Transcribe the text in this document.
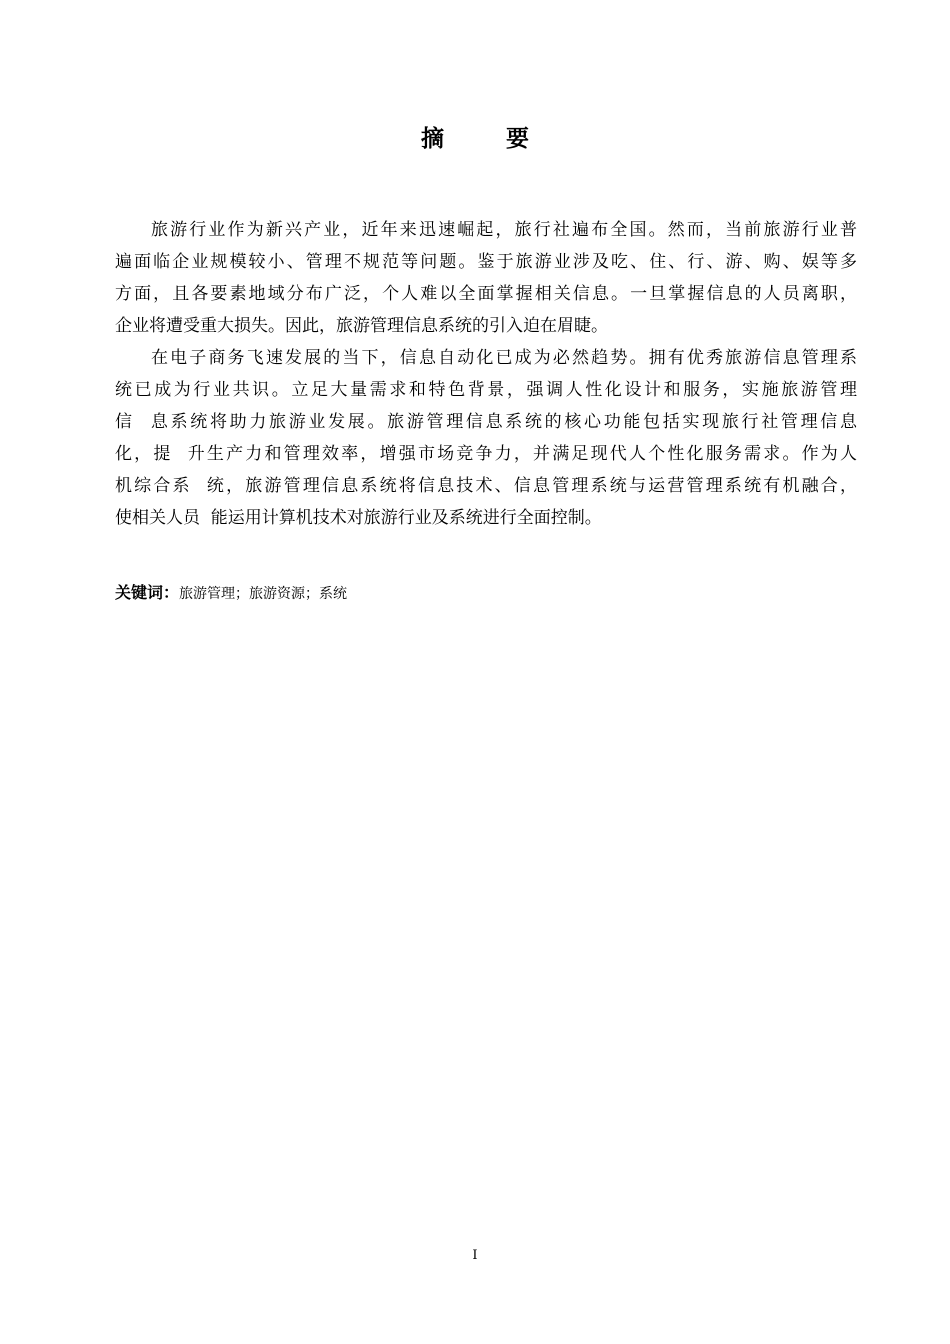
摘 要

旅游行业作为新兴产业，近年来迅速崛起，旅行社遍布全国。然而，当前旅游行业普
遍面临企业规模较小、管理不规范等问题。鉴于旅游业涉及吃、住、行、游、购、娱等多
方面，且各要素地域分布广泛，个人难以全面掌握相关信息。一旦掌握信息的人员离职，
企业将遭受重大损失。因此，旅游管理信息系统的引入迫在眉睫。

在电子商务飞速发展的当下，信息自动化已成为必然趋势。拥有优秀旅游信息管理系
统已成为行业共识。立足大量需求和特色背景，强调人性化设计和服务，实施旅游管理
信  息系统将助力旅游业发展。旅游管理信息系统的核心功能包括实现旅行社管理信息
化，提  升生产力和管理效率，增强市场竞争力，并满足现代人个性化服务需求。作为人
机综合系  统，旅游管理信息系统将信息技术、信息管理系统与运营管理系统有机融合，
使相关人员  能运用计算机技术对旅游行业及系统进行全面控制。

关键词：旅游管理；旅游资源；系统
I
